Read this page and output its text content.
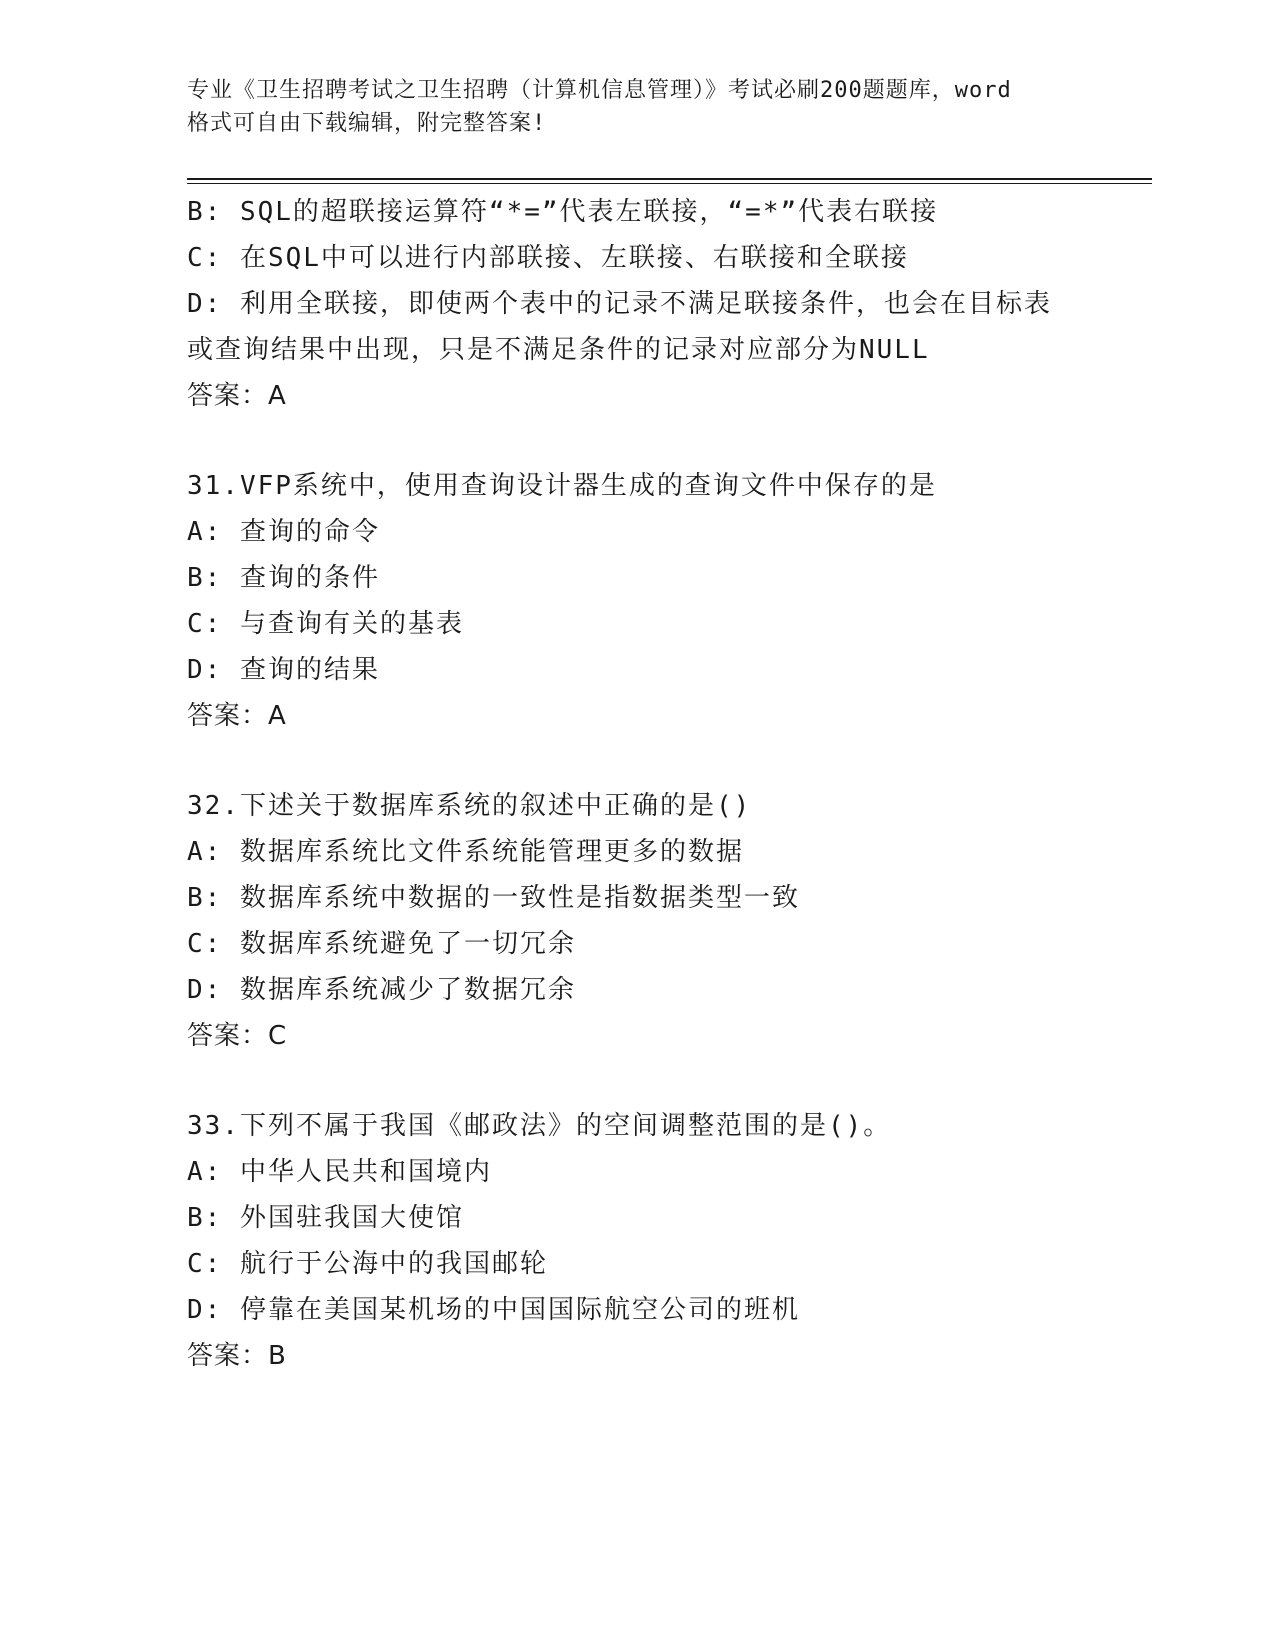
专业《卫生招聘考试之卫生招聘（计算机信息管理）》考试必刷200题题库，word
格式可自由下载编辑，附完整答案!
B: SQL的超联接运算符“*=”代表左联接，“=*”代表右联接
C: 在SQL中可以进行内部联接、左联接、右联接和全联接
D: 利用全联接，即使两个表中的记录不满足联接条件，也会在目标表
或查询结果中出现，只是不满足条件的记录对应部分为NULL
答案：A
31.VFP系统中，使用查询设计器生成的查询文件中保存的是
A: 查询的命令
B: 查询的条件
C: 与查询有关的基表
D: 查询的结果
答案：A
32.下述关于数据库系统的叙述中正确的是()
A: 数据库系统比文件系统能管理更多的数据
B: 数据库系统中数据的一致性是指数据类型一致
C: 数据库系统避免了一切冗余
D: 数据库系统减少了数据冗余
答案：C
33.下列不属于我国《邮政法》的空间调整范围的是()。
A: 中华人民共和国境内
B: 外国驻我国大使馆
C: 航行于公海中的我国邮轮
D: 停靠在美国某机场的中国国际航空公司的班机
答案：B
